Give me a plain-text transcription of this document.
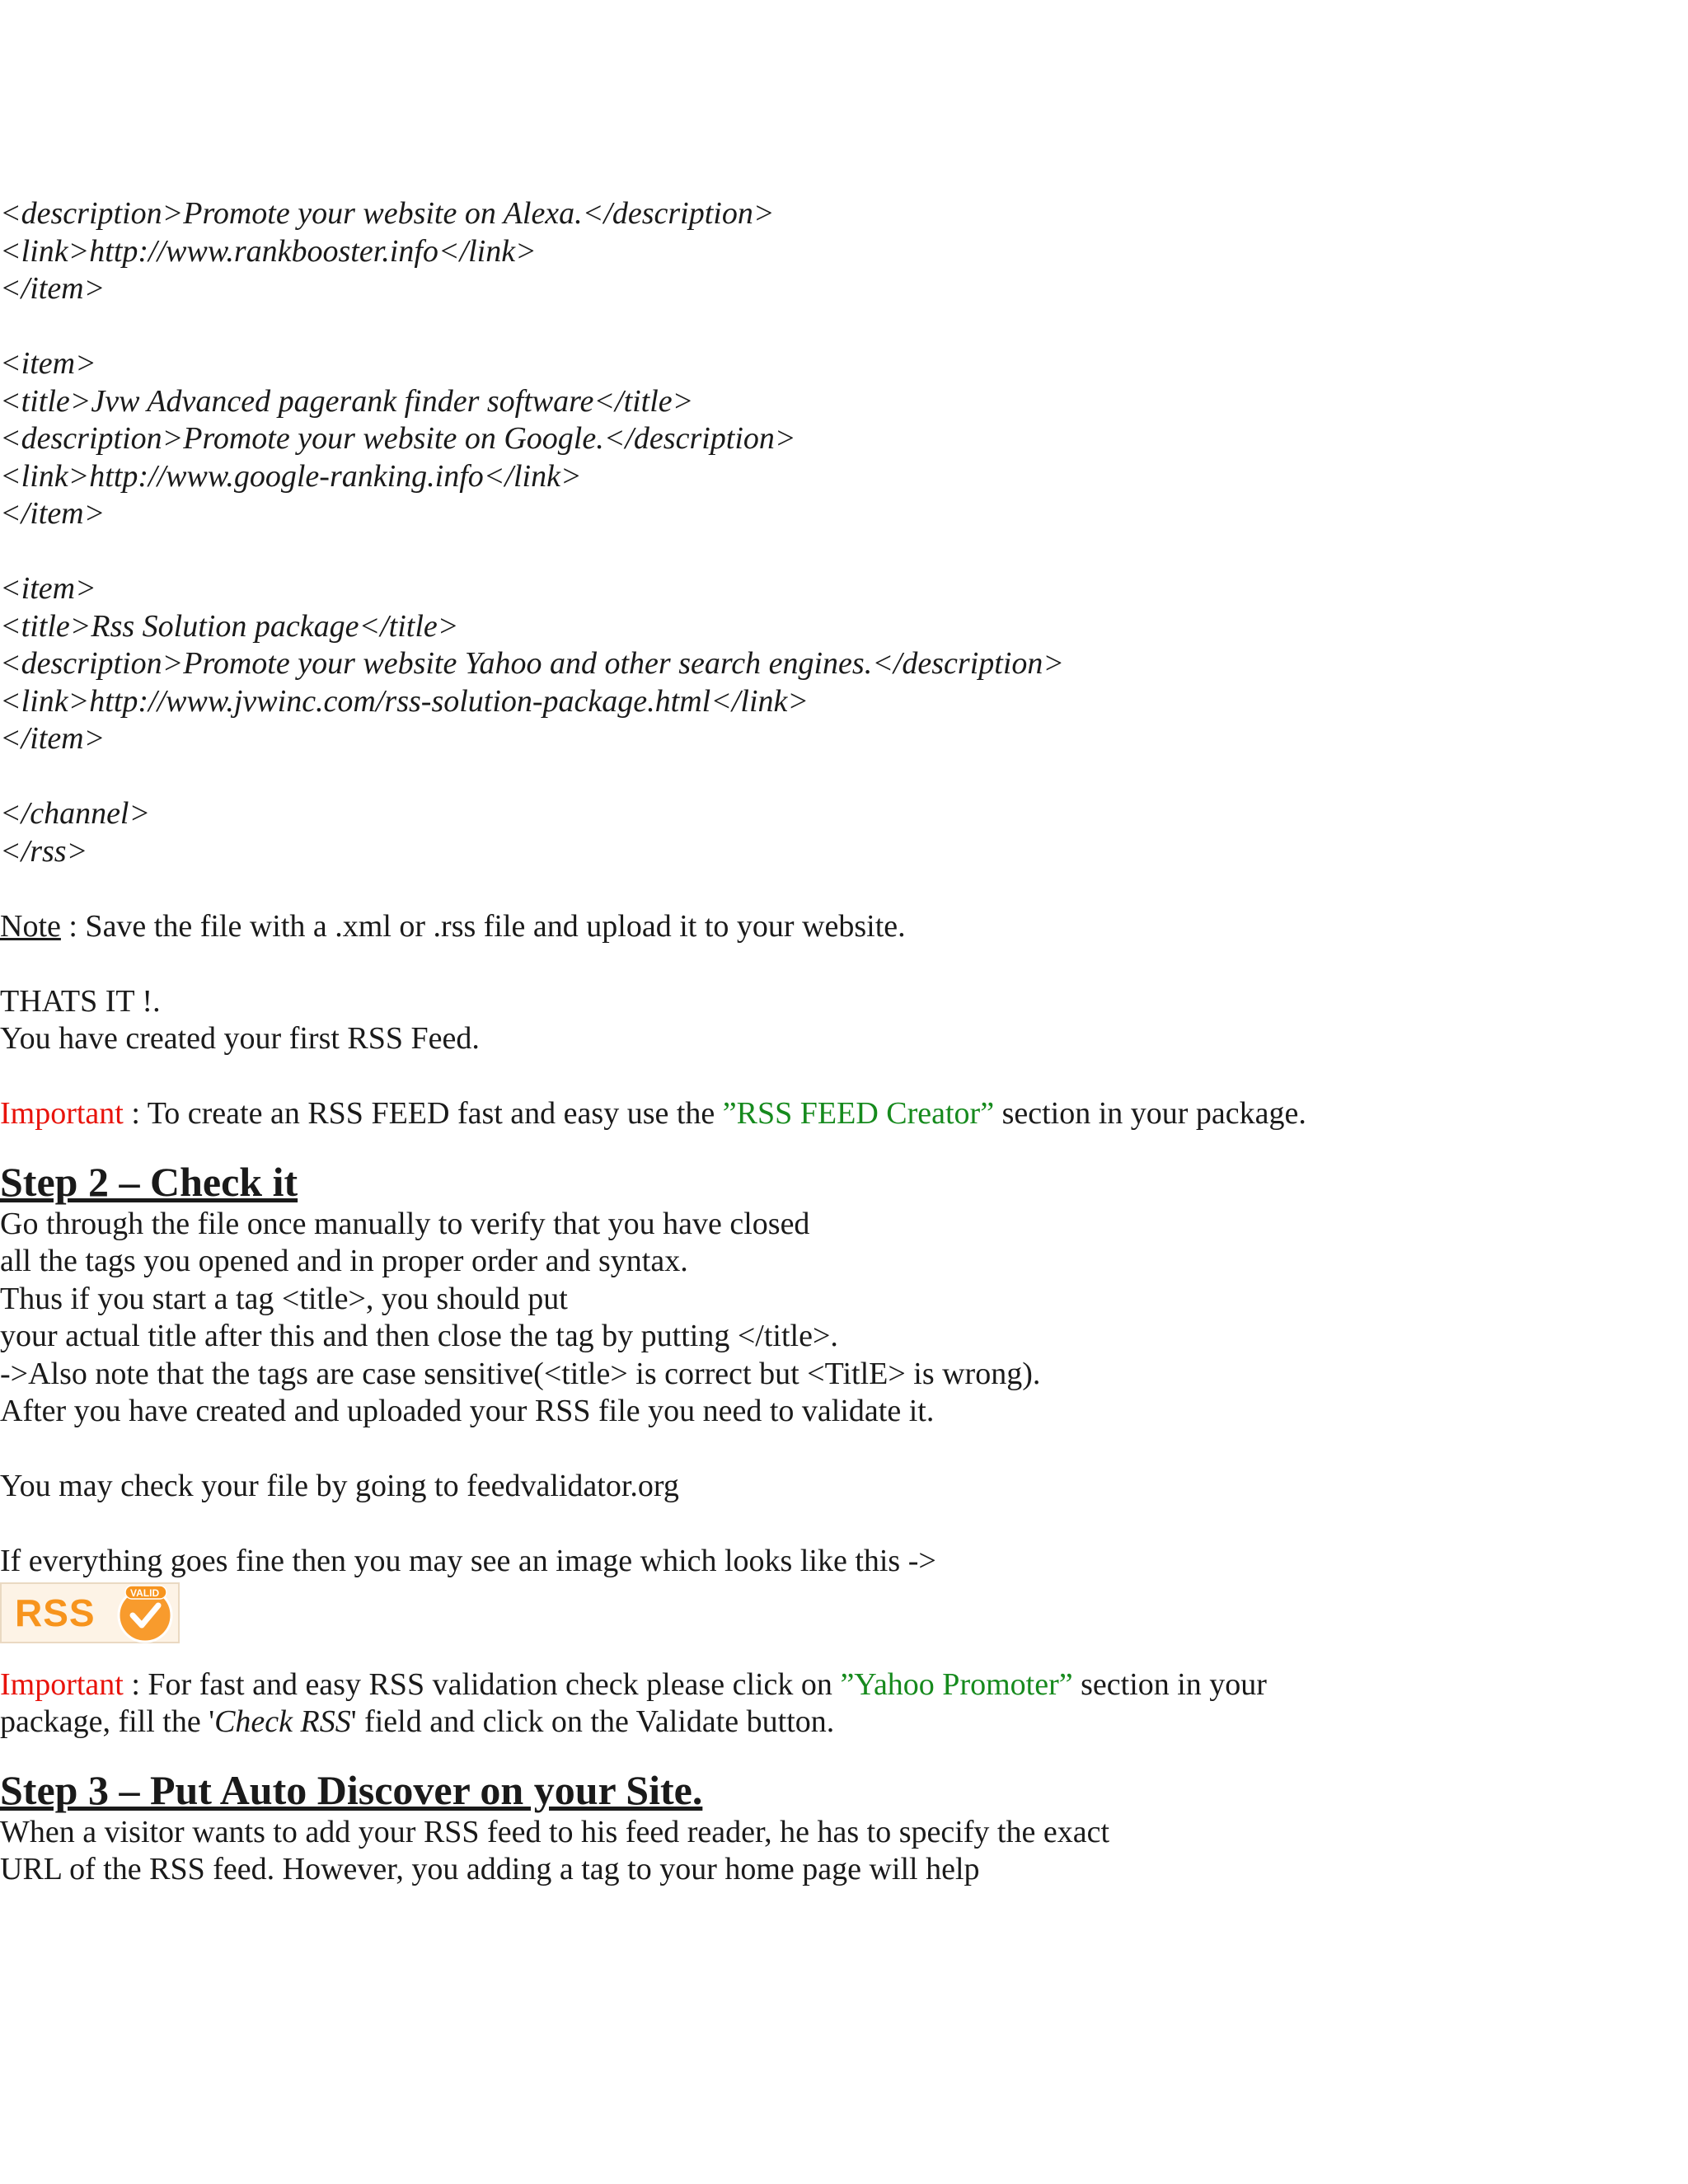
<description>Promote your website on Alexa.</description>
<link>http://www.rankbooster.info</link>
</item>
<item>
<title>Jvw Advanced pagerank finder software</title>
<description>Promote your website on Google.</description>
<link>http://www.google-ranking.info</link>
</item>
<item>
<title>Rss Solution package</title>
<description>Promote your website Yahoo and other search engines.</description>
<link>http://www.jvwinc.com/rss-solution-package.html</link>
</item>
</channel>
</rss>
Note : Save the file with a .xml or .rss file and upload it to your website.
THATS IT !.
You have created your first RSS Feed.
Important : To create an RSS FEED fast and easy use the ”RSS FEED Creator” section in your package.
Step 2 – Check it
Go through the file once manually to verify that you have closed
all the tags you opened and in proper order and syntax.
Thus if you start a tag <title>, you should put
your actual title after this and then close the tag by putting </title>.
->Also note that the tags are case sensitive(<title> is correct but <TitlE> is wrong).
After you have created and uploaded your RSS file you need to validate it.
You may check your file by going to feedvalidator.org
If everything goes fine then you may see an image which looks like this ->
RSS	VALID
Important : For fast and easy RSS validation check please click on ”Yahoo Promoter” section in your
package, fill the 'Check RSS' field and click on the Validate button.
Step 3 – Put Auto Discover on your Site.
When a visitor wants to add your RSS feed to his feed reader, he has to specify the exact
URL of the RSS feed. However, you adding a tag to your home page will help
